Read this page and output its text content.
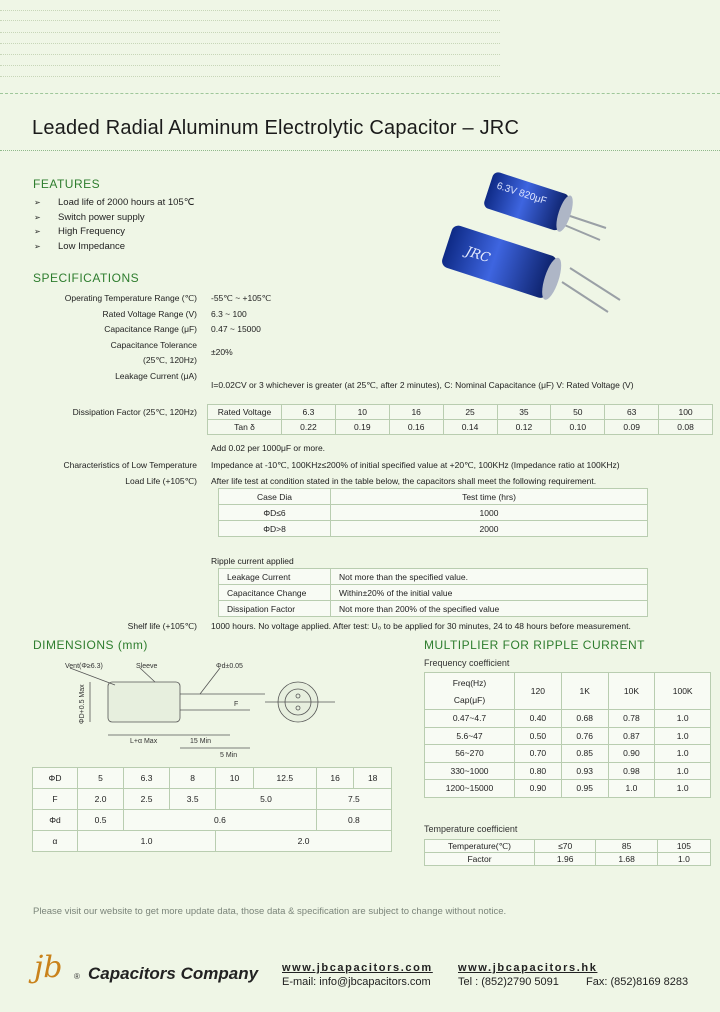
Leaded Radial Aluminum Electrolytic Capacitor – JRC
FEATURES
➢ Load life of 2000 hours at 105℃
➢ Switch power supply
➢ High Frequency
➢ Low Impedance
6.3V 820μF
JRC
SPECIFICATIONS
Operating Temperature Range (℃) -55℃ ~ +105℃
Rated Voltage Range (V) 6.3 ~ 100
Capacitance Range (μF) 0.47 ~ 15000
Capacitance Tolerance
(25℃, 120Hz)
±20%
Leakage Current (μA)
I=0.02CV or 3 whichever is greater (at 25℃, after 2 minutes), C: Nominal Capacitance (μF) V: Rated Voltage (V)
Dissipation Factor (25℃, 120Hz) Rated Voltage	6.3	10	16	25	35	50	63	100
Tan δ	0.22	0.19	0.16	0.14	0.12	0.10	0.09	0.08
Add 0.02 per 1000μF or more.
Characteristics of Low Temperature Impedance at -10℃, 100KHz≤200% of initial specified value at +20℃, 100KHz (Impedance ratio at 100KHz)
Load Life (+105℃) After life test at condition stated in the table below, the capacitors shall meet the following requirement.
Case Dia	Test time (hrs)
ΦD≤6	1000
ΦD>8	2000
Ripple current applied
Leakage Current	Not more than the specified value.
Capacitance Change	Within±20% of the initial value
Dissipation Factor	Not more than 200% of the specified value
Shelf life (+105℃) 1000 hours. No voltage applied. After test: U₀ to be applied for 30 minutes, 24 to 48 hours before measurement.
DIMENSIONS (mm)
Vent(Φ≥6.3)	Sleeve	Φd±0.05
ΦD+0.5 Max
L+α Max	15 Min
5 Min
F
ΦD	5	6.3	8	10	12.5	16	18
F	2.0	2.5	3.5	5.0		7.5	
Φd	0.5	0.6				0.8	
α	1.0			2.0			
MULTIPLIER FOR RIPPLE CURRENT
Frequency coefficient
Freq(Hz)
Cap(μF)	120	1K	10K	100K
0.47~4.7	0.40	0.68	0.78	1.0
5.6~47	0.50	0.76	0.87	1.0
56~270	0.70	0.85	0.90	1.0
330~1000	0.80	0.93	0.98	1.0
1200~15000	0.90	0.95	1.0	1.0
Temperature coefficient
Temperature(℃)	≤70	85	105
Factor	1.96	1.68	1.0
Please visit our website to get more update data, those data & specification are subject to change without notice.
jb ® Capacitors Company www.jbcapacitors.com www.jbcapacitors.hk
E-mail: info@jbcapacitors.com Tel : (852)2790 5091 Fax: (852)8169 8283
